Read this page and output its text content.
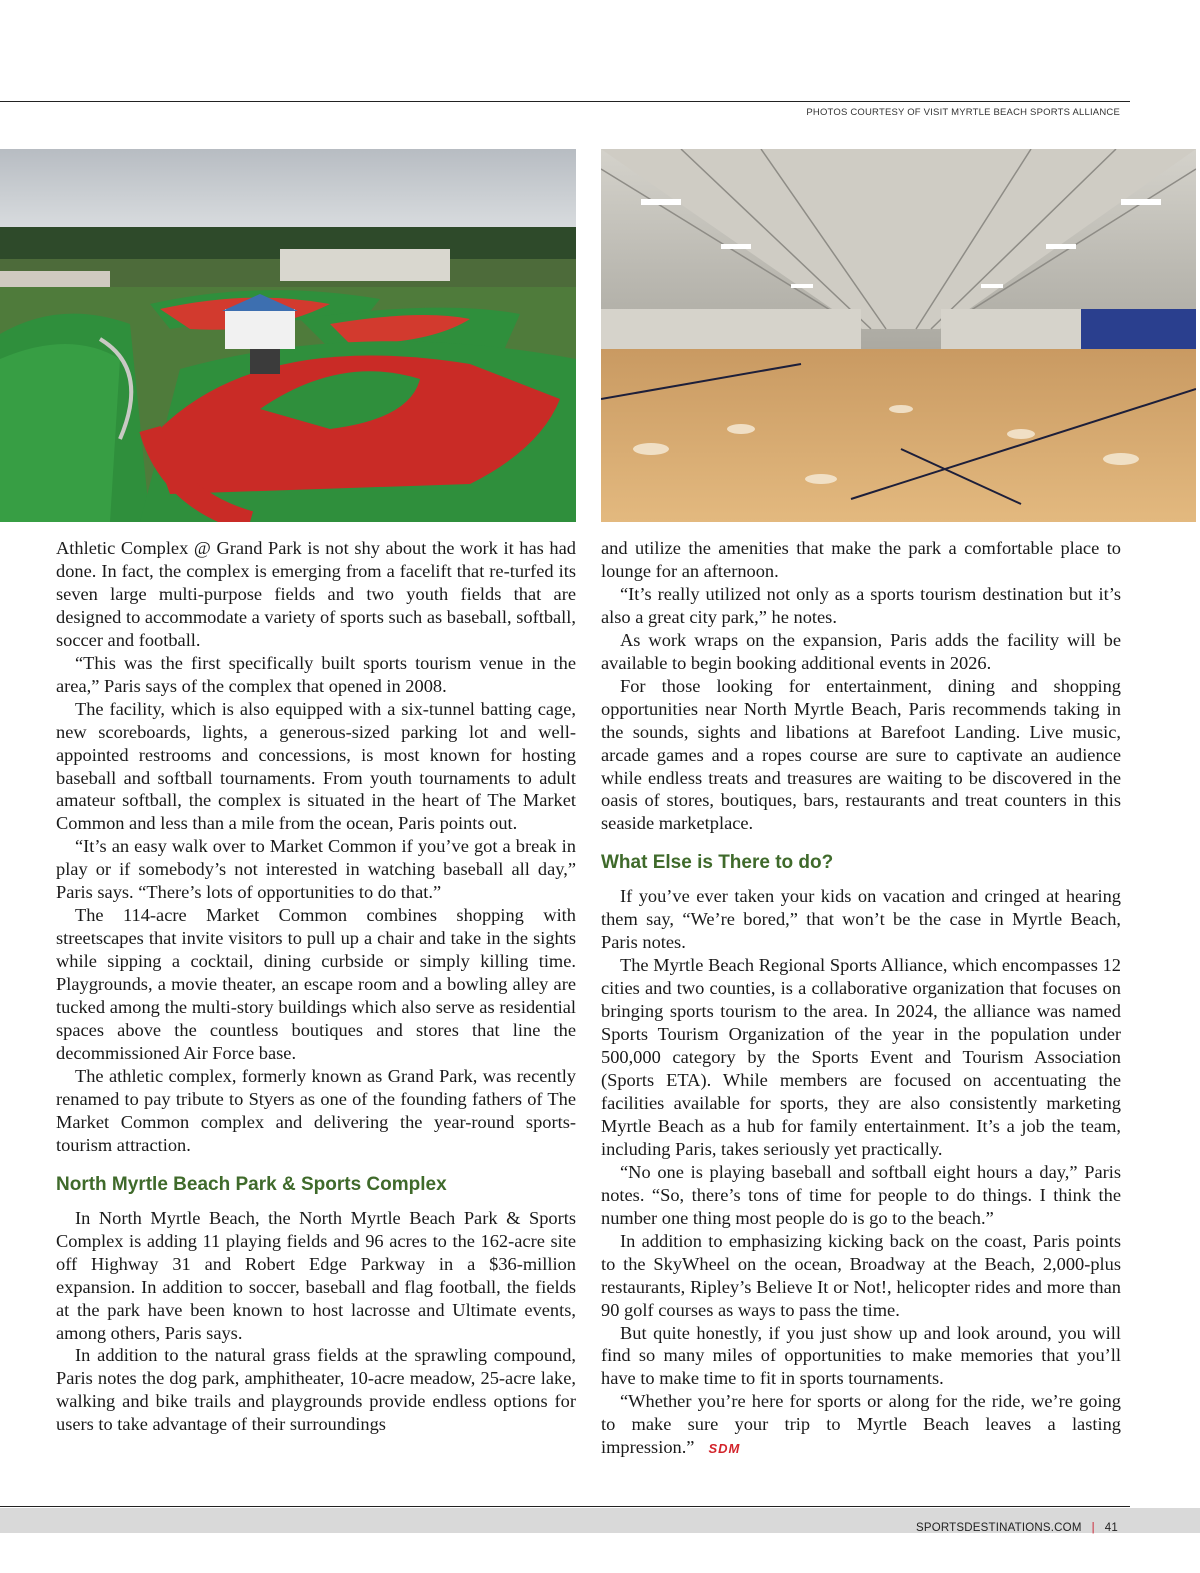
PHOTOS COURTESY OF VISIT MYRTLE BEACH SPORTS ALLIANCE

Athletic Complex @ Grand Park is not shy about the work it has had done. In fact, the complex is emerging from a facelift that re-turfed its seven large multi-purpose fields and two youth fields that are designed to accommodate a variety of sports such as baseball, softball, soccer and football.

“This was the first specifically built sports tourism venue in the area,” Paris says of the complex that opened in 2008.

The facility, which is also equipped with a six-tunnel batting cage, new scoreboards, lights, a generous-sized parking lot and well-appointed restrooms and concessions, is most known for hosting baseball and softball tournaments. From youth tournaments to adult amateur softball, the complex is situated in the heart of The Market Common and less than a mile from the ocean, Paris points out.

“It’s an easy walk over to Market Common if you’ve got a break in play or if somebody’s not interested in watching baseball all day,” Paris says. “There’s lots of opportunities to do that.”

The 114-acre Market Common combines shopping with streetscapes that invite visitors to pull up a chair and take in the sights while sipping a cocktail, dining curbside or simply killing time. Playgrounds, a movie theater, an escape room and a bowling alley are tucked among the multi-story buildings which also serve as residential spaces above the countless boutiques and stores that line the decommissioned Air Force base.

The athletic complex, formerly known as Grand Park, was recently renamed to pay tribute to Styers as one of the founding fathers of The Market Common complex and delivering the year-round sports-tourism attraction.

North Myrtle Beach Park & Sports Complex

In North Myrtle Beach, the North Myrtle Beach Park & Sports Complex is adding 11 playing fields and 96 acres to the 162-acre site off Highway 31 and Robert Edge Parkway in a $36-million expansion. In addition to soccer, baseball and flag football, the fields at the park have been known to host lacrosse and Ultimate events, among others, Paris says.

In addition to the natural grass fields at the sprawling compound, Paris notes the dog park, amphitheater, 10-acre meadow, 25-acre lake, walking and bike trails and playgrounds provide endless options for users to take advantage of their surroundings

and utilize the amenities that make the park a comfortable place to lounge for an afternoon.

“It’s really utilized not only as a sports tourism destination but it’s also a great city park,” he notes.

As work wraps on the expansion, Paris adds the facility will be available to begin booking additional events in 2026.

For those looking for entertainment, dining and shopping opportunities near North Myrtle Beach, Paris recommends taking in the sounds, sights and libations at Barefoot Landing. Live music, arcade games and a ropes course are sure to captivate an audience while endless treats and treasures are waiting to be discovered in the oasis of stores, boutiques, bars, restaurants and treat counters in this seaside marketplace.

What Else is There to do?

If you’ve ever taken your kids on vacation and cringed at hearing them say, “We’re bored,” that won’t be the case in Myrtle Beach, Paris notes.

The Myrtle Beach Regional Sports Alliance, which encompasses 12 cities and two counties, is a collaborative organization that focuses on bringing sports tourism to the area. In 2024, the alliance was named Sports Tourism Organization of the year in the population under 500,000 category by the Sports Event and Tourism Association (Sports ETA). While members are focused on accentuating the facilities available for sports, they are also consistently marketing Myrtle Beach as a hub for family entertainment. It’s a job the team, including Paris, takes seriously yet practically.

“No one is playing baseball and softball eight hours a day,” Paris notes. “So, there’s tons of time for people to do things. I think the number one thing most people do is go to the beach.”

In addition to emphasizing kicking back on the coast, Paris points to the SkyWheel on the ocean, Broadway at the Beach, 2,000-plus restaurants, Ripley’s Believe It or Not!, helicopter rides and more than 90 golf courses as ways to pass the time.

But quite honestly, if you just show up and look around, you will find so many miles of opportunities to make memories that you’ll have to make time to fit in sports tournaments.

“Whether you’re here for sports or along for the ride, we’re going to make sure your trip to Myrtle Beach leaves a lasting impression.” SDM

SPORTSDESTINATIONS.COM | 41
